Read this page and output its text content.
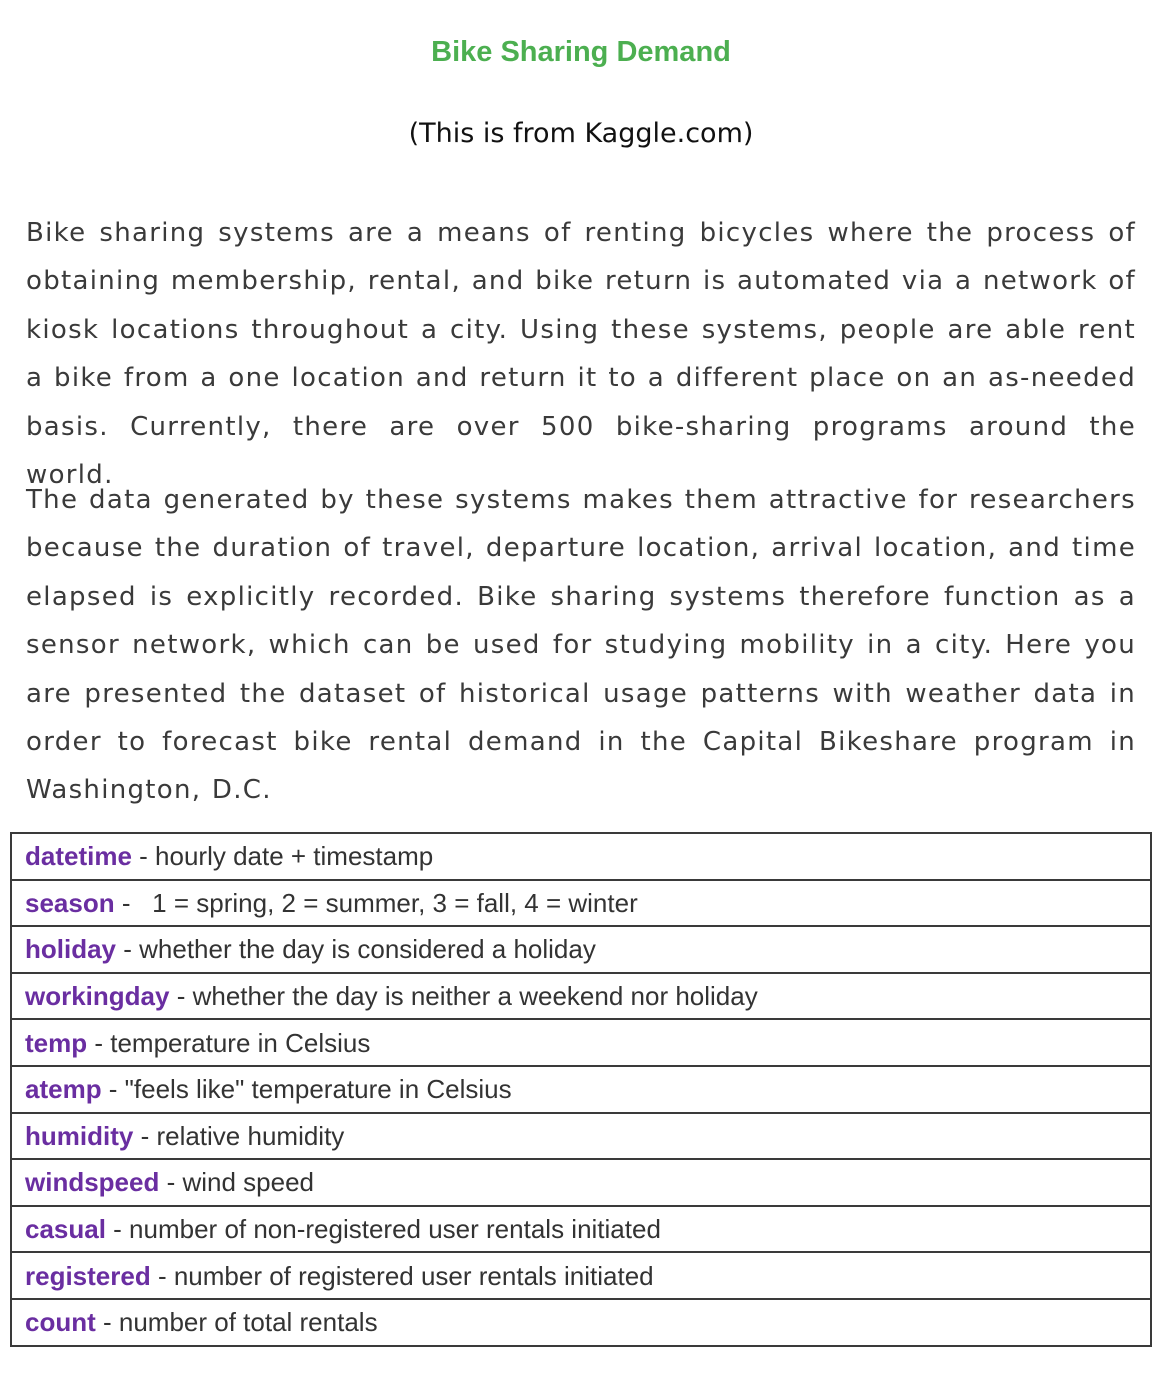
Bike Sharing Demand
(This is from Kaggle.com)

Bike sharing systems are a means of renting bicycles where the process of obtaining membership, rental, and bike return is automated via a network of kiosk locations throughout a city. Using these systems, people are able rent a bike from a one location and return it to a different place on an as-needed basis. Currently, there are over 500 bike-sharing programs around the world.

The data generated by these systems makes them attractive for researchers because the duration of travel, departure location, arrival location, and time elapsed is explicitly recorded. Bike sharing systems therefore function as a sensor network, which can be used for studying mobility in a city. Here you are presented the dataset of historical usage patterns with weather data in order to forecast bike rental demand in the Capital Bikeshare program in Washington, D.C.

datetime - hourly date + timestamp
season -   1 = spring, 2 = summer, 3 = fall, 4 = winter
holiday - whether the day is considered a holiday
workingday - whether the day is neither a weekend nor holiday
temp - temperature in Celsius
atemp - "feels like" temperature in Celsius
humidity - relative humidity
windspeed - wind speed
casual - number of non-registered user rentals initiated
registered - number of registered user rentals initiated
count - number of total rentals
